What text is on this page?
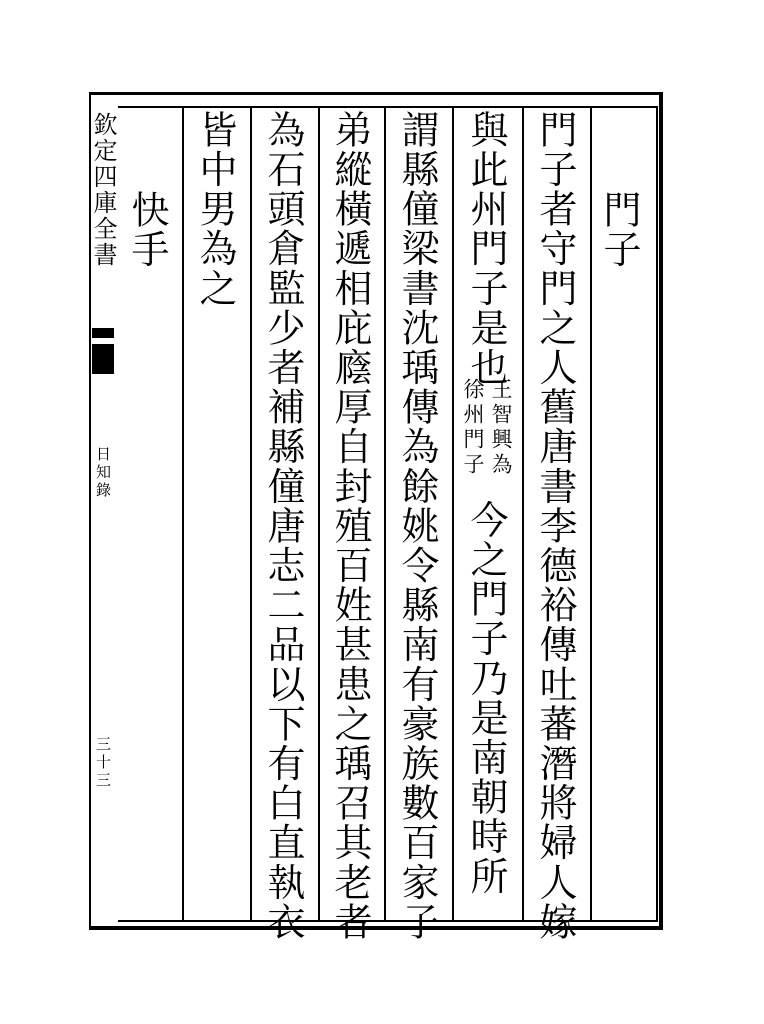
欽定四庫全書
日知錄
三十三
門子
門子者守門之人舊唐書李德裕傳吐蕃潛將婦人嫁
與此州門子是也
王智興為
徐州門子
今之門子乃是南朝時所
謂縣僮梁書沈瑀傳為餘姚令縣南有豪族數百家子
弟縱橫遞相庇廕厚自封殖百姓甚患之瑀召其老者
為石頭倉監少者補縣僮唐志二品以下有白直執衣
皆中男為之
快手
